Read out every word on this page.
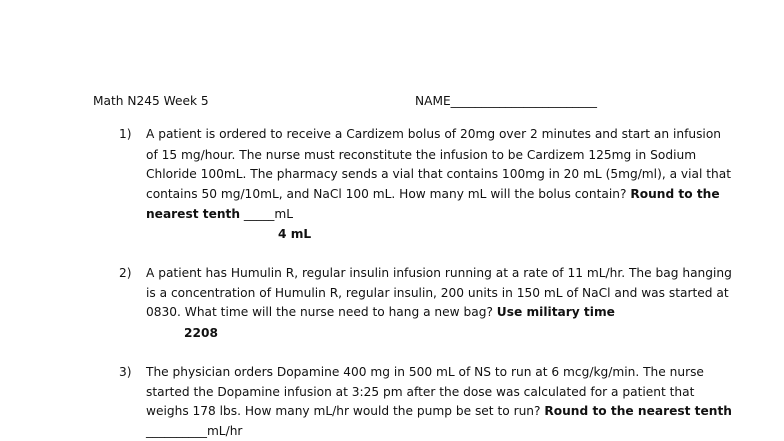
Math N245 Week 5	NAME________________________
1) A patient is ordered to receive a Cardizem bolus of 20mg over 2 minutes and start an infusion
of 15 mg/hour. The nurse must reconstitute the infusion to be Cardizem 125mg in Sodium
Chloride 100mL. The pharmacy sends a vial that contains 100mg in 20 mL (5mg/ml), a vial that
contains 50 mg/10mL, and NaCl 100 mL. How many mL will the bolus contain? Round to the
nearest tenth _____mL
4 mL
2) A patient has Humulin R, regular insulin infusion running at a rate of 11 mL/hr. The bag hanging
is a concentration of Humulin R, regular insulin, 200 units in 150 mL of NaCl and was started at
0830. What time will the nurse need to hang a new bag? Use military time
2208
3) The physician orders Dopamine 400 mg in 500 mL of NS to run at 6 mcg/kg/min. The nurse
started the Dopamine infusion at 3:25 pm after the dose was calculated for a patient that
weighs 178 lbs. How many mL/hr would the pump be set to run? Round to the nearest tenth
__________mL/hr
